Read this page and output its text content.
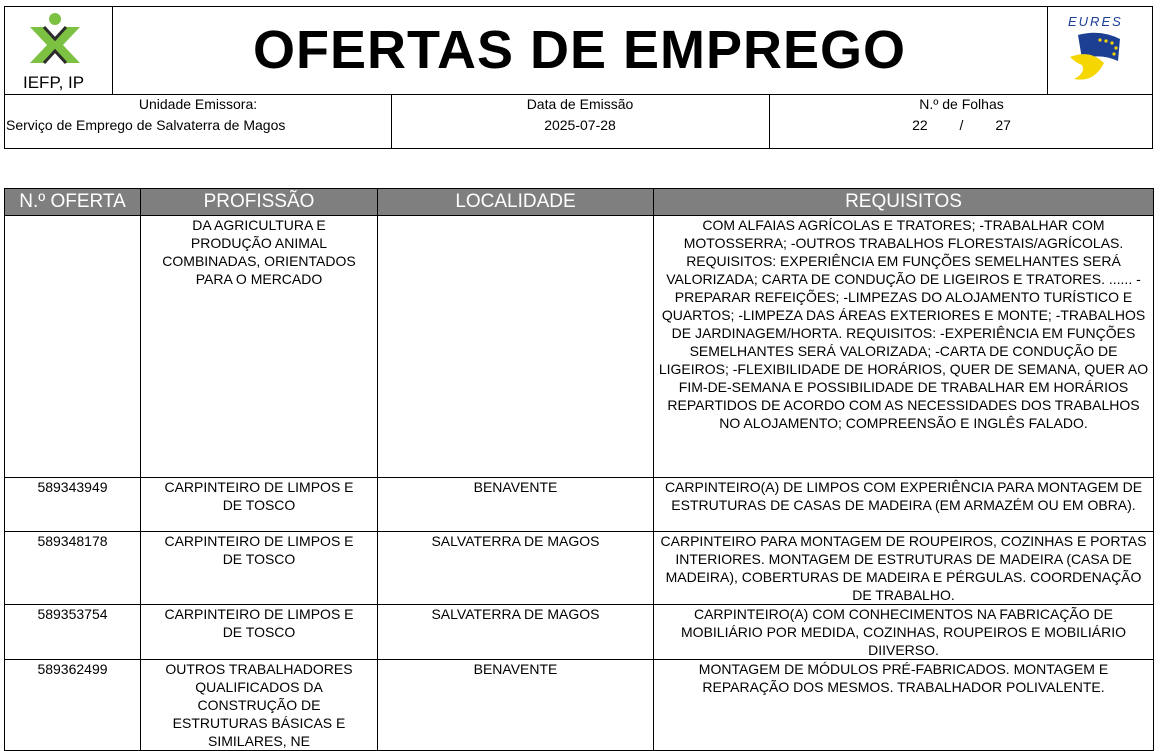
IEFP, IP
OFERTAS DE EMPREGO	EURES
Unidade Emissora:
Serviço de Emprego de Salvaterra de Magos
Data de Emissão
2025-07-28
N.º de Folhas
22 / 27
N.º OFERTA	PROFISSÃO	LOCALIDADE	REQUISITOS
	DA AGRICULTURA E PRODUÇÃO ANIMAL COMBINADAS, ORIENTADOS PARA O MERCADO		COM ALFAIAS AGRÍCOLAS E TRATORES; -TRABALHAR COM MOTOSSERRA; -OUTROS TRABALHOS FLORESTAIS/AGRÍCOLAS. REQUISITOS: EXPERIÊNCIA EM FUNÇÕES SEMELHANTES SERÁ VALORIZADA; CARTA DE CONDUÇÃO DE LIGEIROS E TRATORES. ...... -PREPARAR REFEIÇÕES; -LIMPEZAS DO ALOJAMENTO TURÍSTICO E QUARTOS; -LIMPEZA DAS ÁREAS EXTERIORES E MONTE; -TRABALHOS DE JARDINAGEM/HORTA. REQUISITOS: -EXPERIÊNCIA EM FUNÇÕES SEMELHANTES SERÁ VALORIZADA; -CARTA DE CONDUÇÃO DE LIGEIROS; -FLEXIBILIDADE DE HORÁRIOS, QUER DE SEMANA, QUER AO FIM-DE-SEMANA E POSSIBILIDADE DE TRABALHAR EM HORÁRIOS REPARTIDOS DE ACORDO COM AS NECESSIDADES DOS TRABALHOS NO ALOJAMENTO; COMPREENSÃO E INGLÊS FALADO.
589343949	CARPINTEIRO DE LIMPOS E DE TOSCO	BENAVENTE	CARPINTEIRO(A) DE LIMPOS COM EXPERIÊNCIA PARA MONTAGEM DE ESTRUTURAS DE CASAS DE MADEIRA (EM ARMAZÉM OU EM OBRA).
589348178	CARPINTEIRO DE LIMPOS E DE TOSCO	SALVATERRA DE MAGOS	CARPINTEIRO PARA MONTAGEM DE ROUPEIROS, COZINHAS E PORTAS INTERIORES. MONTAGEM DE ESTRUTURAS DE MADEIRA (CASA DE MADEIRA), COBERTURAS DE MADEIRA E PÉRGULAS. COORDENAÇÃO DE TRABALHO.
589353754	CARPINTEIRO DE LIMPOS E DE TOSCO	SALVATERRA DE MAGOS	CARPINTEIRO(A) COM CONHECIMENTOS NA FABRICAÇÃO DE MOBILIÁRIO POR MEDIDA, COZINHAS, ROUPEIROS E MOBILIÁRIO DIIVERSO.
589362499	OUTROS TRABALHADORES QUALIFICADOS DA CONSTRUÇÃO DE ESTRUTURAS BÁSICAS E SIMILARES, NE	BENAVENTE	MONTAGEM DE MÓDULOS PRÉ-FABRICADOS. MONTAGEM E REPARAÇÃO DOS MESMOS. TRABALHADOR POLIVALENTE.
